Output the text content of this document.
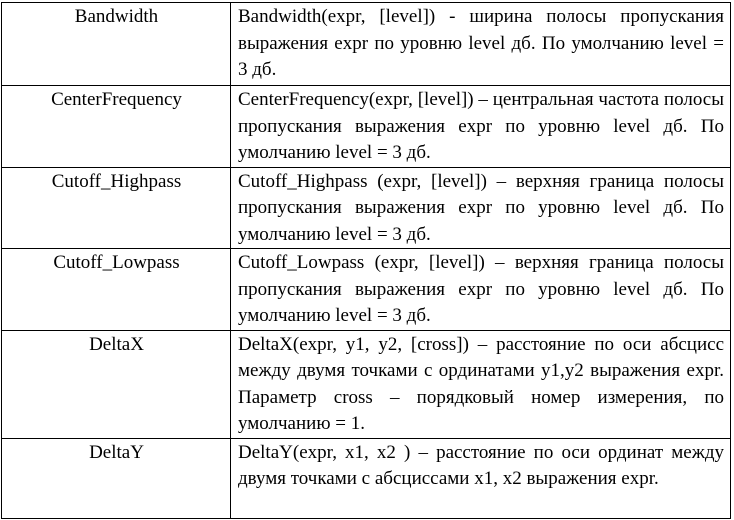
Bandwidth	Bandwidth(expr, [level]) - ширина полосы пропускания выражения expr по уровню level дб. По умолчанию level = 3 дб.
CenterFrequency	CenterFrequency(expr, [level]) – центральная частота полосы пропускания выражения expr по уровню level дб. По умолчанию level = 3 дб.
Cutoff_Highpass	Cutoff_Highpass (expr, [level]) – верхняя граница полосы пропускания выражения expr по уровню level дб. По умолчанию level = 3 дб.
Cutoff_Lowpass	Cutoff_Lowpass (expr, [level]) – верхняя граница полосы пропускания выражения expr по уровню level дб. По умолчанию level = 3 дб.
DeltaX	DeltaX(expr, y1, y2, [cross]) – расстояние по оси абсцисс между двумя точками с ординатами y1,y2 выражения expr. Параметр cross – порядковый номер измерения, по умолчанию = 1.
DeltaY	DeltaY(expr, x1, x2 ) – расстояние по оси ординат между двумя точками с абсциссами x1, x2 выражения expr.
